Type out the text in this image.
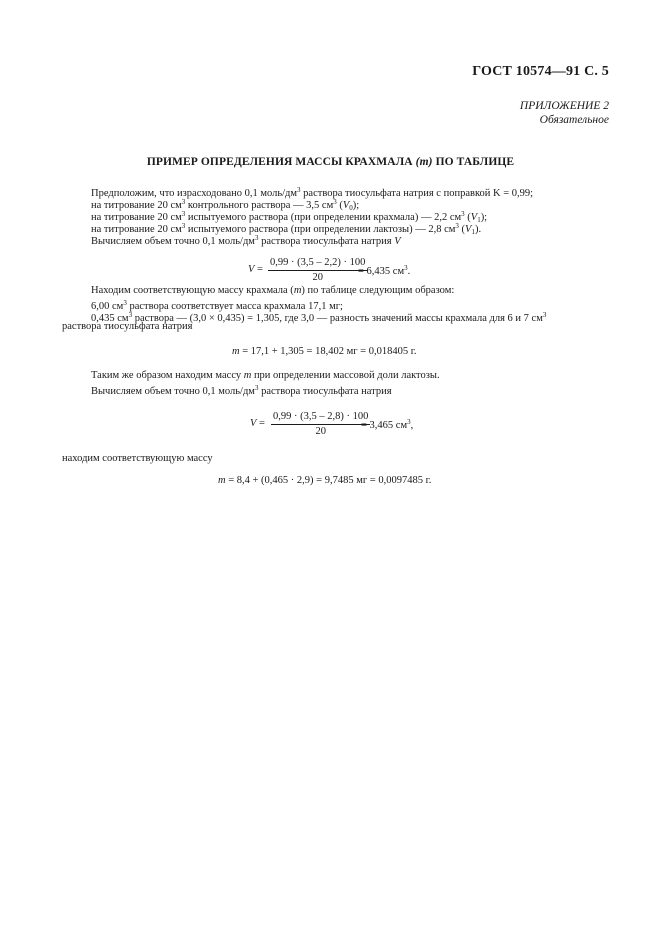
ГОСТ 10574—91 С. 5
ПРИЛОЖЕНИЕ 2
Обязательное
ПРИМЕР ОПРЕДЕЛЕНИЯ МАССЫ КРАХМАЛА (m) ПО ТАБЛИЦЕ
Предположим, что израсходовано 0,1 моль/$дм^3$ раствора тиосульфата натрия с поправкой K = 0,99;
на титрование 20 $см^3$ контрольного раствора — 3,5 $см^3$ $(V_0)$;
на титрование 20 $см^3$ испытуемого раствора (при определении крахмала) — 2,2 $см^3$ $(V_1)$;
на титрование 20 $см^3$ испытуемого раствора (при определении лактозы) — 2,8 $см^3$ $(V_1)$.
Вычисляем объем точно 0,1 моль/$дм^3$ раствора тиосульфата натрия V
$V = \frac{0,99 \cdot (3,5 - 2,2) \cdot 100}{20}$
= 6,435 $см^3$.
Находим соответствующую массу крахмала (m) по таблице следующим образом:
6,00 $см^3$ раствора соответствует масса крахмала 17,1 мг;
0,435 $см^3$ раствора — (3,0 × 0,435) = 1,305, где 3,0 — разность значений массы крахмала для 6 и 7 $см^3$
раствора тиосульфата натрия
m = 17,1 + 1,305 = 18,402 мг = 0,018405 г.
Таким же образом находим массу m при определении массовой доли лактозы.
Вычисляем объем точно 0,1 моль/$дм^3$ раствора тиосульфата натрия
$V = \frac{0,99 \cdot (3,5 - 2,8) \cdot 100}{20}$
= 3,465 $см^3$,
находим соответствующую массу
m = 8,4 + (0,465 · 2,9) = 9,7485 мг = 0,0097485 г.
